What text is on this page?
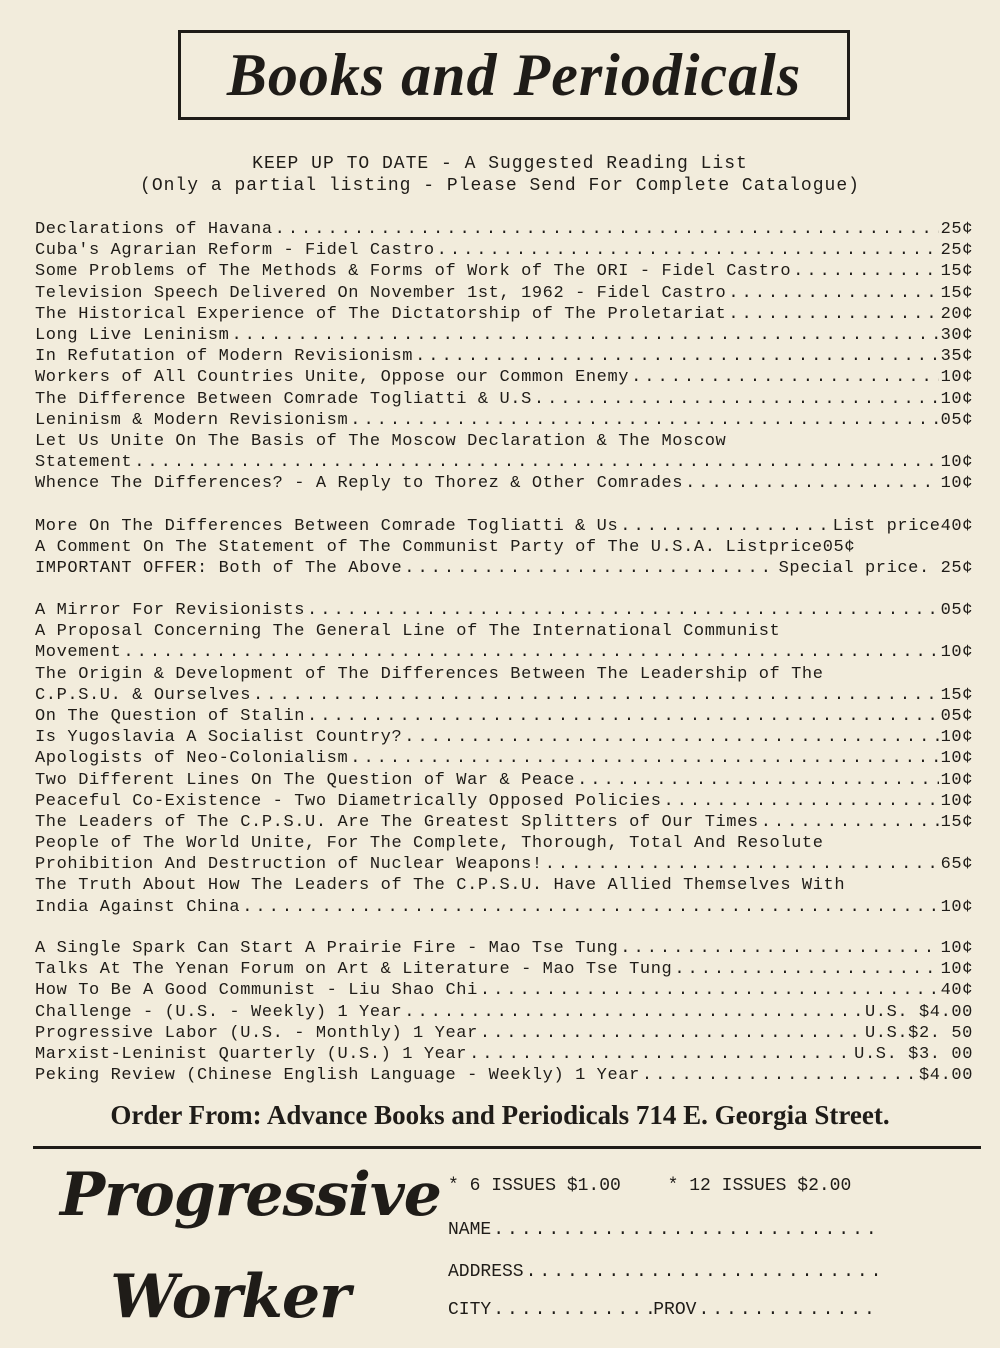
Books and Periodicals
KEEP UP TO DATE - A Suggested Reading List
(Only a partial listing - Please Send For Complete Catalogue)
Declarations of Havana .....	25¢
Cuba's Agrarian Reform - Fidel Castro .....	25¢
Some Problems of The Methods & Forms of Work of The ORI - Fidel Castro .....	15¢
Television Speech Delivered On November 1st, 1962 - Fidel Castro .....	15¢
The Historical Experience of The Dictatorship of The Proletariat .....	20¢
Long Live Leninism .....	30¢
In Refutation of Modern Revisionism .....	35¢
Workers of All Countries Unite, Oppose our Common Enemy .....	10¢
The Difference Between Comrade Togliatti & U.S .....	10¢
Leninism & Modern Revisionism .....	05¢
Let Us Unite On The Basis of The Moscow Declaration & The Moscow
Statement .....	10¢
Whence The Differences? - A Reply to Thorez & Other Comrades .....	10¢
More On The Differences Between Comrade Togliatti & Us .....	List price40¢
A Comment On The Statement of The Communist Party of The U.S.A. Listprice05¢
IMPORTANT OFFER: Both of The Above .....	Special price. 25¢
A Mirror For Revisionists .....	05¢
A Proposal Concerning The General Line of The International Communist
Movement .....	10¢
The Origin & Development of The Differences Between The Leadership of The
C.P.S.U. & Ourselves .....	15¢
On The Question of Stalin .....	05¢
Is Yugoslavia A Socialist Country? .....	10¢
Apologists of Neo-Colonialism .....	10¢
Two Different Lines On The Question of War & Peace .....	10¢
Peaceful Co-Existence - Two Diametrically Opposed Policies .....	10¢
The Leaders of The C.P.S.U. Are The Greatest Splitters of Our Times .....	15¢
People of The World Unite, For The Complete, Thorough, Total And Resolute
Prohibition And Destruction of Nuclear Weapons! .....	65¢
The Truth About How The Leaders of The C.P.S.U. Have Allied Themselves With
India Against China .....	10¢
A Single Spark Can Start A Prairie Fire - Mao Tse Tung .....	10¢
Talks At The Yenan Forum on Art & Literature - Mao Tse Tung .....	10¢
How To Be A Good Communist - Liu Shao Chi .....	40¢
Challenge - (U.S. - Weekly) 1 Year .....	U.S. $4.00
Progressive Labor (U.S. - Monthly) 1 Year .....	U.S.$2. 50
Marxist-Leninist Quarterly (U.S.) 1 Year .....	U.S. $3. 00
Peking Review (Chinese English Language - Weekly) 1 Year .....	$4.00
Order From: Advance Books and Periodicals 714 E. Georgia Street.
Progressive
Worker
* 6 ISSUES $1.00	* 12 ISSUES $2.00
NAME
.....
ADDRESS
.....
CITY .....	PROV
.....
